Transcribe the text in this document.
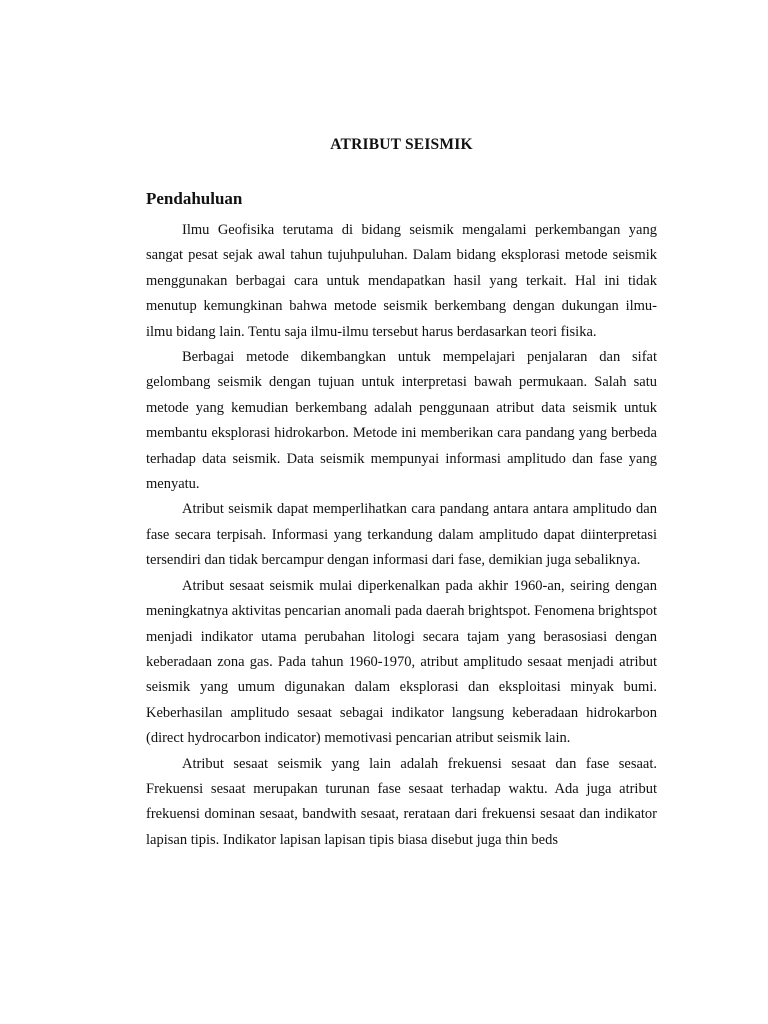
ATRIBUT SEISMIK
Pendahuluan

Ilmu Geofisika terutama di bidang seismik mengalami perkembangan yang sangat pesat sejak awal tahun tujuhpuluhan. Dalam bidang eksplorasi metode seismik menggunakan berbagai cara untuk mendapatkan hasil yang terkait. Hal ini tidak menutup kemungkinan bahwa metode seismik berkembang dengan dukungan ilmu-ilmu bidang lain. Tentu saja ilmu-ilmu tersebut harus berdasarkan teori fisika.

Berbagai metode dikembangkan untuk mempelajari penjalaran dan sifat gelombang seismik dengan tujuan untuk interpretasi bawah permukaan. Salah satu metode yang kemudian berkembang adalah penggunaan atribut data seismik untuk membantu eksplorasi hidrokarbon. Metode ini memberikan cara pandang yang berbeda terhadap data seismik. Data seismik mempunyai informasi amplitudo dan fase yang menyatu.

Atribut seismik dapat memperlihatkan cara pandang antara antara amplitudo dan fase secara terpisah. Informasi yang terkandung dalam amplitudo dapat diinterpretasi tersendiri dan tidak bercampur dengan informasi dari fase, demikian juga sebaliknya.

Atribut sesaat seismik mulai diperkenalkan pada akhir 1960-an, seiring dengan meningkatnya aktivitas pencarian anomali pada daerah brightspot. Fenomena brightspot menjadi indikator utama perubahan litologi secara tajam yang berasosiasi dengan keberadaan zona gas. Pada tahun 1960-1970, atribut amplitudo sesaat menjadi atribut seismik yang umum digunakan dalam eksplorasi dan eksploitasi minyak bumi. Keberhasilan amplitudo sesaat sebagai indikator langsung keberadaan hidrokarbon (direct hydrocarbon indicator) memotivasi pencarian atribut seismik lain.

Atribut sesaat seismik yang lain adalah frekuensi sesaat dan fase sesaat. Frekuensi sesaat merupakan turunan fase sesaat terhadap waktu. Ada juga atribut frekuensi dominan sesaat, bandwith sesaat, rerataan dari frekuensi sesaat dan indikator lapisan tipis. Indikator lapisan lapisan tipis biasa disebut juga thin beds
